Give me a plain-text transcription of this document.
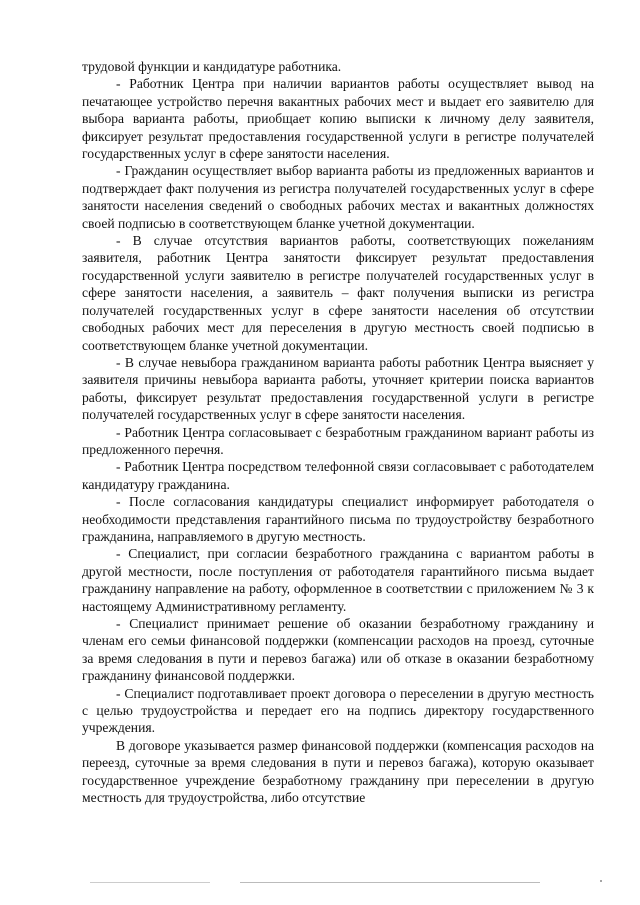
трудовой функции и кандидатуре работника.

- Работник Центра при наличии вариантов работы осуществляет вывод на печатающее устройство перечня вакантных рабочих мест и выдает его заявителю для выбора варианта работы, приобщает копию выписки к личному делу заявителя, фиксирует результат предоставления государственной услуги в регистре получателей государственных услуг в сфере занятости населения.

- Гражданин осуществляет выбор варианта работы из предложенных вариантов и подтверждает факт получения из регистра получателей государственных услуг в сфере занятости населения сведений о свободных рабочих местах и вакантных должностях своей подписью в соответствующем бланке учетной документации.

- В случае отсутствия вариантов работы, соответствующих пожеланиям заявителя, работник Центра занятости фиксирует результат предоставления государственной услуги заявителю в регистре получателей государственных услуг в сфере занятости населения, а заявитель – факт получения выписки из регистра получателей государственных услуг в сфере занятости населения об отсутствии свободных рабочих мест для переселения в другую местность своей подписью в соответствующем бланке учетной документации.

- В случае невыбора гражданином варианта работы работник Центра выясняет у заявителя причины невыбора варианта работы, уточняет критерии поиска вариантов работы, фиксирует результат предоставления государственной услуги в регистре получателей государственных услуг в сфере занятости населения.

- Работник Центра согласовывает с безработным гражданином вариант работы из предложенного перечня.

- Работник Центра посредством телефонной связи согласовывает с работодателем кандидатуру гражданина.

- После согласования кандидатуры специалист информирует работодателя о необходимости представления гарантийного письма по трудоустройству безработного гражданина, направляемого в другую местность.

- Специалист, при согласии безработного гражданина с вариантом работы в другой местности, после поступления от работодателя гарантийного письма выдает гражданину направление на работу, оформленное в соответствии с приложением № 3 к настоящему Административному регламенту.

- Специалист принимает решение об оказании безработному гражданину и членам его семьи финансовой поддержки (компенсации расходов на проезд, суточные за время следования в пути и перевоз багажа) или об отказе в оказании безработному гражданину финансовой поддержки.

- Специалист подготавливает проект договора о переселении в другую местность с целью трудоустройства и передает его на подпись директору государственного учреждения.

В договоре указывается размер финансовой поддержки (компенсация расходов на переезд, суточные за время следования в пути и перевоз багажа), которую оказывает государственное учреждение безработному гражданину при переселении в другую местность для трудоустройства, либо отсутствие
